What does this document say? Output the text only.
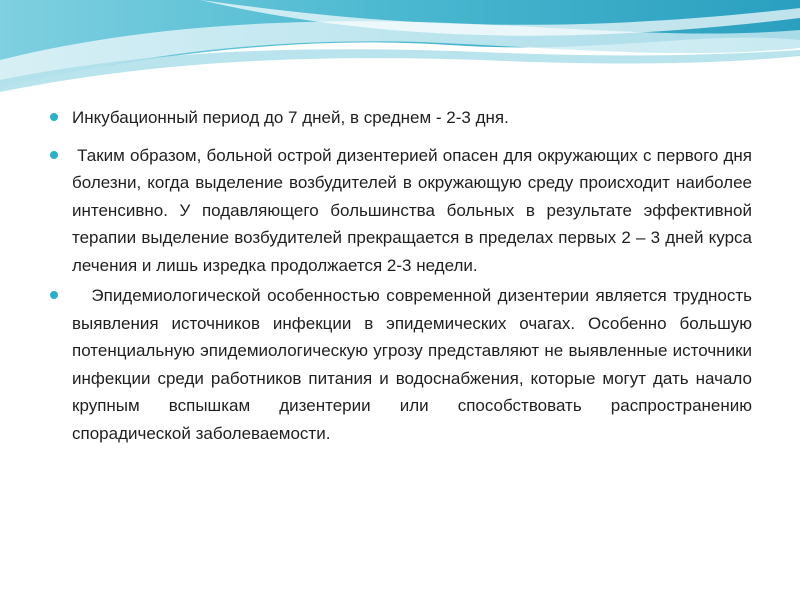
Инкубационный период до 7 дней, в среднем - 2-3 дня.
Таким образом, больной острой дизентерией опасен для окружающих с первого дня болезни, когда выделение возбудителей в окружающую среду происходит наиболее интенсивно. У подавляющего большинства больных в результате эффективной терапии выделение возбудителей прекращается в пределах первых 2 – 3 дней курса лечения и лишь изредка продолжается 2-3 недели.
Эпидемиологической особенностью современной дизентерии является трудность выявления источников инфекции в эпидемических очагах. Особенно большую потенциальную эпидемиологическую угрозу представляют не выявленные источники инфекции среди работников питания и водоснабжения, которые могут дать начало крупным вспышкам дизентерии или способствовать распространению спорадической заболеваемости.
